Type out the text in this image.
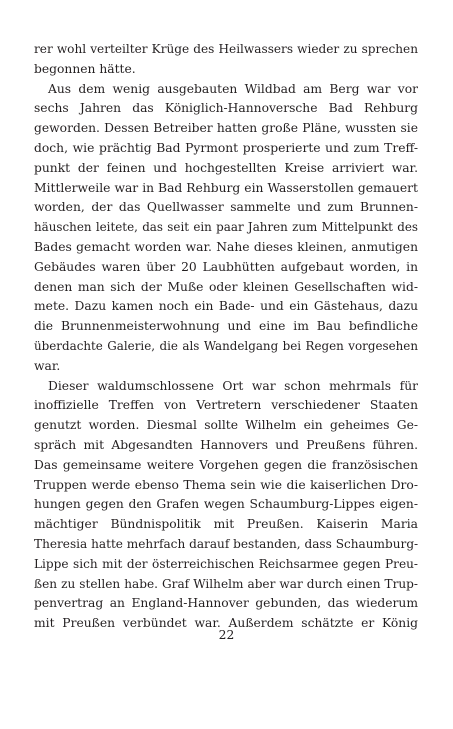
rer wohl verteilter Krüge des Heilwassers wieder zu sprechen
begonnen hätte.
Aus dem wenig ausgebauten Wildbad am Berg war vor
sechs Jahren das Königlich-Hannoversche Bad Rehburg
geworden. Dessen Betreiber hatten große Pläne, wussten sie
doch, wie prächtig Bad Pyrmont prosperierte und zum Treff-
punkt der feinen und hochgestellten Kreise arriviert war.
Mittlerweile war in Bad Rehburg ein Wasserstollen gemauert
worden, der das Quellwasser sammelte und zum Brunnen-
häuschen leitete, das seit ein paar Jahren zum Mittelpunkt des
Bades gemacht worden war. Nahe dieses kleinen, anmutigen
Gebäudes waren über 20 Laubhütten aufgebaut worden, in
denen man sich der Muße oder kleinen Gesellschaften wid-
mete. Dazu kamen noch ein Bade- und ein Gästehaus, dazu
die Brunnenmeisterwohnung und eine im Bau befindliche
überdachte Galerie, die als Wandelgang bei Regen vorgesehen
war.
Dieser waldumschlossene Ort war schon mehrmals für
inoffizielle Treffen von Vertretern verschiedener Staaten
genutzt worden. Diesmal sollte Wilhelm ein geheimes Ge-
spräch mit Abgesandten Hannovers und Preußens führen.
Das gemeinsame weitere Vorgehen gegen die französischen
Truppen werde ebenso Thema sein wie die kaiserlichen Dro-
hungen gegen den Grafen wegen Schaumburg-Lippes eigen-
mächtiger Bündnispolitik mit Preußen. Kaiserin Maria
Theresia hatte mehrfach darauf bestanden, dass Schaumburg-
Lippe sich mit der österreichischen Reichsarmee gegen Preu-
ßen zu stellen habe. Graf Wilhelm aber war durch einen Trup-
penvertrag an England-Hannover gebunden, das wiederum
mit Preußen verbündet war. Außerdem schätzte er König
22
